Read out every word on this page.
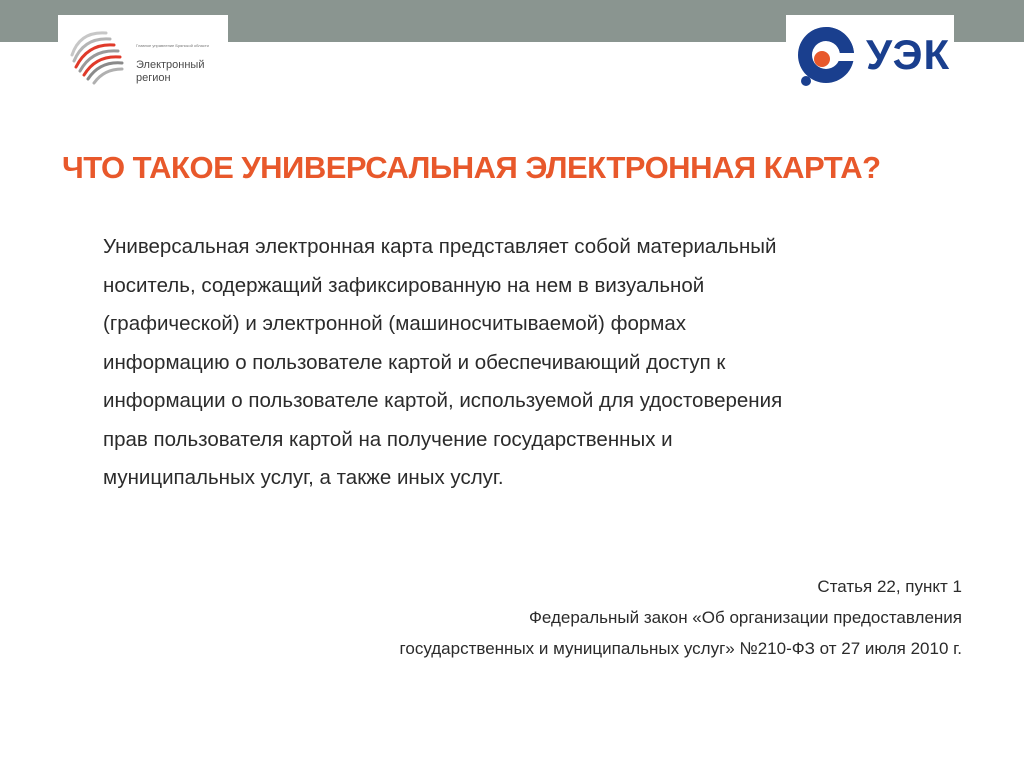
Главное управление Брянской области
Электронный
регион	УЭК
ЧТО ТАКОЕ УНИВЕРСАЛЬНАЯ ЭЛЕКТРОННАЯ КАРТА?
Универсальная электронная карта представляет собой материальный
носитель, содержащий зафиксированную на нем в визуальной
(графической) и электронной (машиносчитываемой) формах
информацию о пользователе картой и обеспечивающий доступ к
информации о пользователе картой, используемой для удостоверения
прав пользователя картой на получение государственных и
муниципальных услуг, а также иных услуг.
Статья 22, пункт 1
Федеральный закон «Об организации предоставления
государственных и муниципальных услуг» №210-ФЗ от 27 июля 2010 г.
